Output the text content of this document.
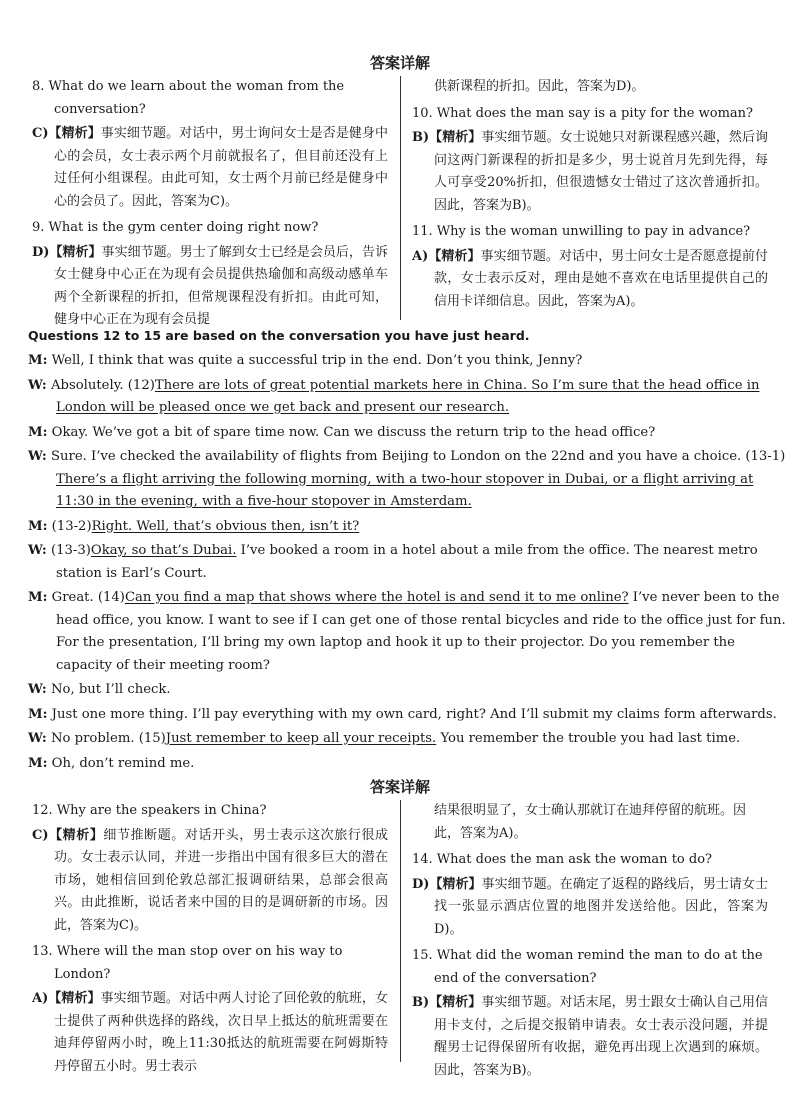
答案详解
8. What do we learn about the woman from the conversation?
C)【精析】事实细节题。对话中，男士询问女士是否是健身中心的会员，女士表示两个月前就报名了，但目前还没有上过任何小组课程。由此可知，女士两个月前已经是健身中心的会员了。因此，答案为C)。
9. What is the gym center doing right now?
D)【精析】事实细节题。男士了解到女士已经是会员后，告诉女士健身中心正在为现有会员提供热瑜伽和高级动感单车两个全新课程的折扣，但常规课程没有折扣。由此可知，健身中心正在为现有会员提
供新课程的折扣。因此，答案为D)。
10. What does the man say is a pity for the woman?
B)【精析】事实细节题。女士说她只对新课程感兴趣，然后询问这两门新课程的折扣是多少，男士说首月先到先得，每人可享受20%折扣，但很遗憾女士错过了这次普通折扣。因此，答案为B)。
11. Why is the woman unwilling to pay in advance?
A)【精析】事实细节题。对话中，男士问女士是否愿意提前付款，女士表示反对，理由是她不喜欢在电话里提供自己的信用卡详细信息。因此，答案为A)。
Questions 12 to 15 are based on the conversation you have just heard.
M: Well, I think that was quite a successful trip in the end. Don’t you think, Jenny?
W: Absolutely. (12)There are lots of great potential markets here in China. So I’m sure that the head office in London will be pleased once we get back and present our research.
M: Okay. We’ve got a bit of spare time now. Can we discuss the return trip to the head office?
W: Sure. I’ve checked the availability of flights from Beijing to London on the 22nd and you have a choice. (13-1) There’s a flight arriving the following morning, with a two-hour stopover in Dubai, or a flight arriving at 11:30 in the evening, with a five-hour stopover in Amsterdam.
M: (13-2)Right. Well, that’s obvious then, isn’t it?
W: (13-3)Okay, so that’s Dubai. I’ve booked a room in a hotel about a mile from the office. The nearest metro station is Earl’s Court.
M: Great. (14)Can you find a map that shows where the hotel is and send it to me online? I’ve never been to the head office, you know. I want to see if I can get one of those rental bicycles and ride to the office just for fun. For the presentation, I’ll bring my own laptop and hook it up to their projector. Do you remember the capacity of their meeting room?
W: No, but I’ll check.
M: Just one more thing. I’ll pay everything with my own card, right? And I’ll submit my claims form afterwards.
W: No problem. (15)Just remember to keep all your receipts. You remember the trouble you had last time.
M: Oh, don’t remind me.
答案详解
12. Why are the speakers in China?
C)【精析】细节推断题。对话开头，男士表示这次旅行很成功。女士表示认同，并进一步指出中国有很多巨大的潜在市场，她相信回到伦敦总部汇报调研结果，总部会很高兴。由此推断，说话者来中国的目的是调研新的市场。因此，答案为C)。
13. Where will the man stop over on his way to London?
A)【精析】事实细节题。对话中两人讨论了回伦敦的航班，女士提供了两种供选择的路线，次日早上抵达的航班需要在迪拜停留两小时，晚上11:30抵达的航班需要在阿姆斯特丹停留五小时。男士表示
结果很明显了，女士确认那就订在迪拜停留的航班。因此，答案为A)。
14. What does the man ask the woman to do?
D)【精析】事实细节题。在确定了返程的路线后，男士请女士找一张显示酒店位置的地图并发送给他。因此，答案为D)。
15. What did the woman remind the man to do at the end of the conversation?
B)【精析】事实细节题。对话末尾，男士跟女士确认自己用信用卡支付，之后提交报销申请表。女士表示没问题，并提醒男士记得保留所有收据，避免再出现上次遇到的麻烦。因此，答案为B)。
